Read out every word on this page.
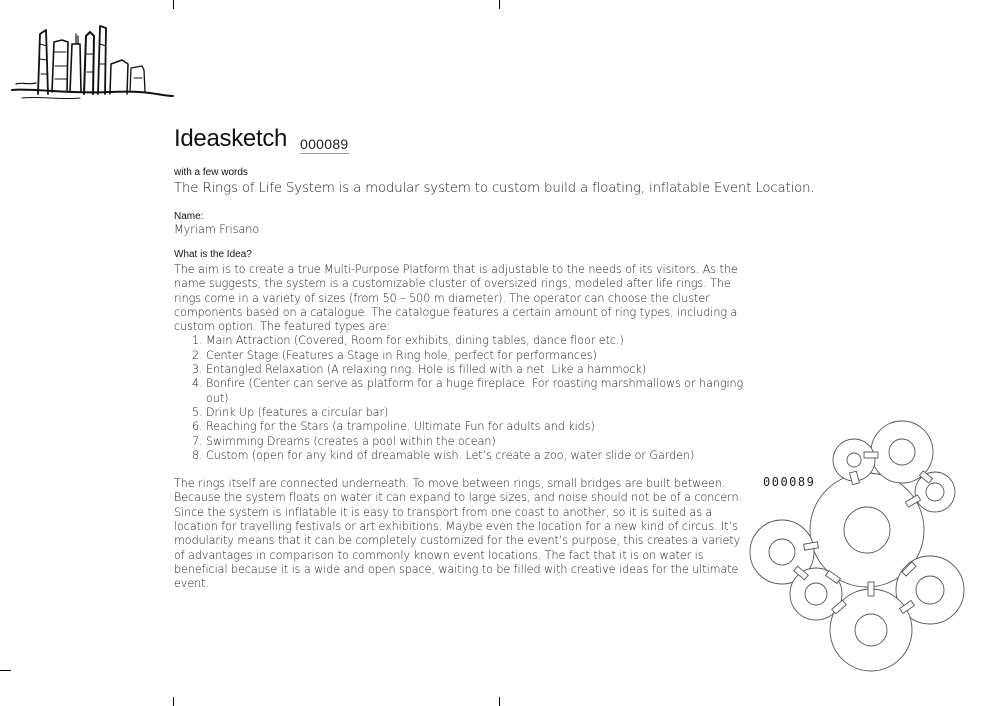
Ideasketch 000089
with a few words
The Rings of Life System is a modular system to custom build a floating, inflatable Event Location.
Name:
Myriam Frisano
What is the Idea?

The aim is to create a true Multi-Purpose Platform that is adjustable to the needs of its visitors. As the name suggests, the system is a customizable cluster of oversized rings, modeled after life rings. The rings come in a variety of sizes (from 50 – 500 m diameter). The operator can choose the cluster components based on a catalogue. The catalogue features a certain amount of ring types, including a custom option. The featured types are:

1. Main Attraction (Covered, Room for exhibits, dining tables, dance floor etc.)
2. Center Stage (Features a Stage in Ring hole, perfect for performances)
3. Entangled Relaxation (A relaxing ring. Hole is filled with a net. Like a hammock)
4. Bonfire (Center can serve as platform for a huge fireplace. For roasting marshmallows or hanging out)
5. Drink Up (features a circular bar)
6. Reaching for the Stars (a trampoline. Ultimate Fun for adults and kids)
7. Swimming Dreams (creates a pool within the ocean)
8. Custom (open for any kind of dreamable wish. Let’s create a zoo, water slide or Garden)

The rings itself are connected underneath. To move between rings, small bridges are built between. Because the system floats on water it can expand to large sizes, and noise should not be of a concern. Since the system is inflatable it is easy to transport from one coast to another, so it is suited as a location for travelling festivals or art exhibitions. Maybe even the location for a new kind of circus. It’s modularity means that it can be completely customized for the event’s purpose, this creates a variety of advantages in comparison to commonly known event locations. The fact that it is on water is beneficial because it is a wide and open space, waiting to be filled with creative ideas for the ultimate event.

000089
